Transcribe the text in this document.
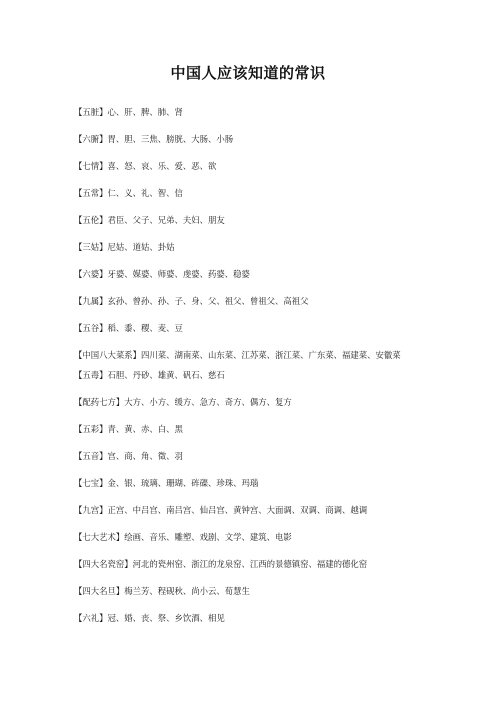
中国人应该知道的常识
【五脏】心、肝、脾、肺、肾
【六腑】胃、胆、三焦、膀胱、大肠、小肠
【七情】喜、怒、哀、乐、爱、恶、欲
【五常】仁、义、礼、智、信
【五伦】君臣、父子、兄弟、夫妇、朋友
【三姑】尼姑、道姑、卦姑
【六婆】牙婆、媒婆、师婆、虔婆、药婆、稳婆
【九属】玄孙、曾孙、孙、子、身、父、祖父、曾祖父、高祖父
【五谷】稻、黍、稷、麦、豆
【中国八大菜系】四川菜、湖南菜、山东菜、江苏菜、浙江菜、广东菜、福建菜、安徽菜
【五毒】石胆、丹砂、雄黄、矾石、慈石
【配药七方】大方、小方、缓方、急方、奇方、偶方、复方
【五彩】青、黄、赤、白、黑
【五音】宫、商、角、徵、羽
【七宝】金、银、琉璃、珊瑚、砗磲、珍珠、玛瑙
【九宫】正宫、中吕宫、南吕宫、仙吕宫、黄钟宫、大面调、双调、商调、越调
【七大艺术】绘画、音乐、雕塑、戏剧、文学、建筑、电影
【四大名瓷窑】河北的瓷州窑、浙江的龙泉窑、江西的景德镇窑、福建的德化窑
【四大名旦】梅兰芳、程砚秋、尚小云、荀慧生
【六礼】冠、婚、丧、祭、乡饮酒、相见
